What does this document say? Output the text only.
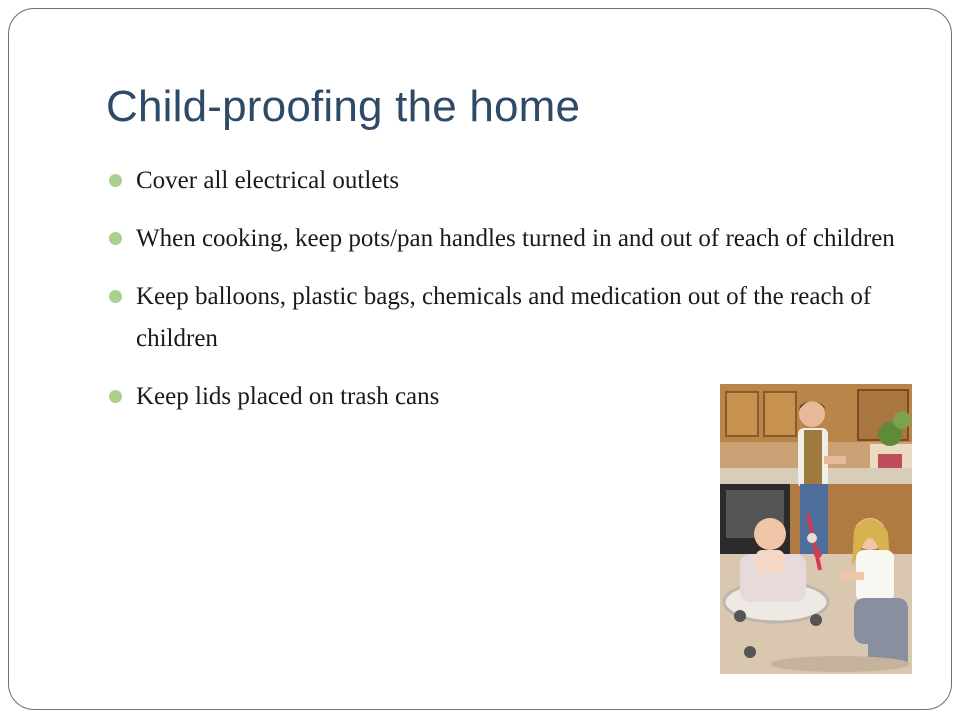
Child-proofing the home
Cover all electrical outlets
When cooking, keep pots/pan handles turned in and out of reach of children
Keep balloons, plastic bags, chemicals and medication out of the reach of children
Keep lids placed on trash cans
